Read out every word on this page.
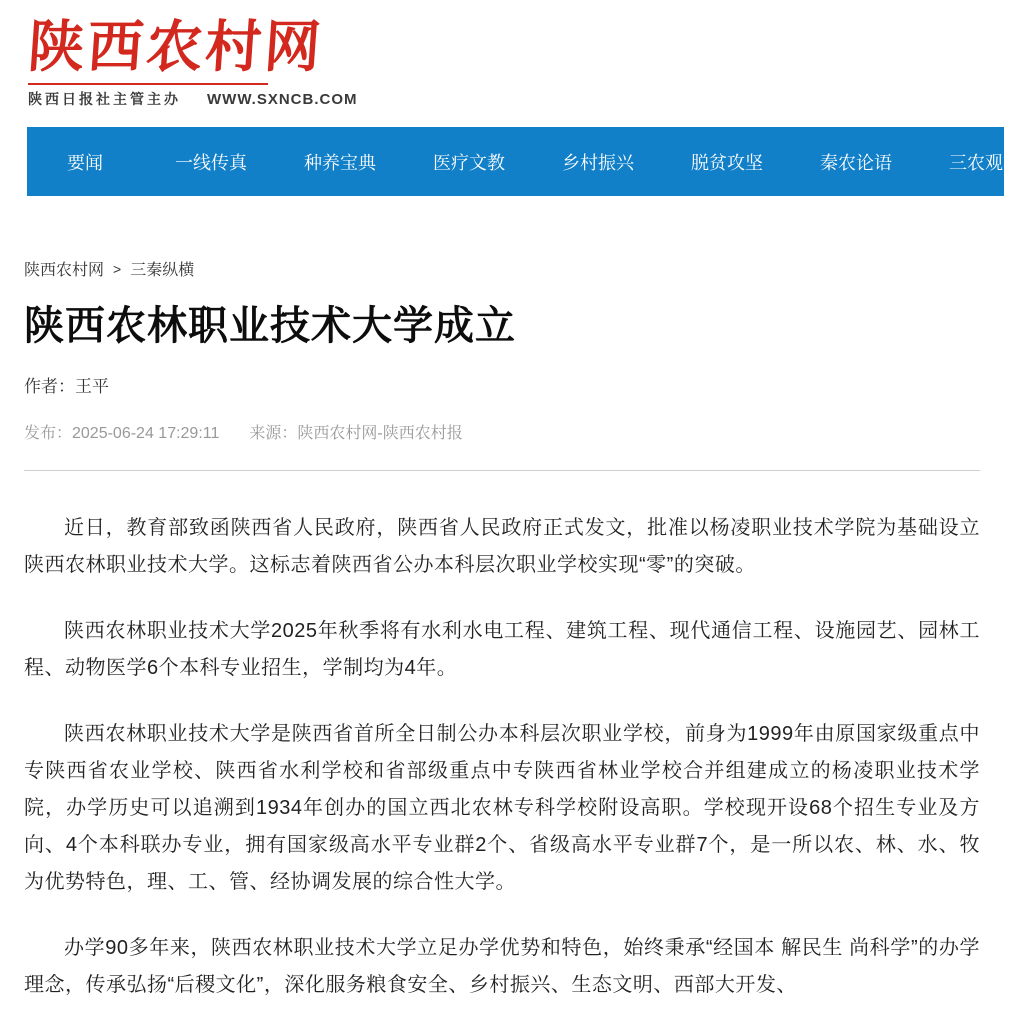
陕西农村网
陕西日报社主管主办 WWW.SXNCB.COM
要闻	一线传真	种养宝典	医疗文教	乡村振兴	脱贫攻坚	秦农论语	三农观察
陕西农村网 > 三秦纵横
陕西农林职业技术大学成立
作者：王平
发布：2025-06-24 17:29:11 来源：陕西农村网-陕西农村报

近日，教育部致函陕西省人民政府，陕西省人民政府正式发文，批准以杨凌职业技术学院为基础设立陕西农林职业技术大学。这标志着陕西省公办本科层次职业学校实现“零”的突破。

陕西农林职业技术大学2025年秋季将有水利水电工程、建筑工程、现代通信工程、设施园艺、园林工程、动物医学6个本科专业招生，学制均为4年。

陕西农林职业技术大学是陕西省首所全日制公办本科层次职业学校，前身为1999年由原国家级重点中专陕西省农业学校、陕西省水利学校和省部级重点中专陕西省林业学校合并组建成立的杨凌职业技术学院，办学历史可以追溯到1934年创办的国立西北农林专科学校附设高职。学校现开设68个招生专业及方向、4个本科联办专业，拥有国家级高水平专业群2个、省级高水平专业群7个，是一所以农、林、水、牧为优势特色，理、工、管、经协调发展的综合性大学。

办学90多年来，陕西农林职业技术大学立足办学优势和特色，始终秉承“经国本 解民生 尚科学”的办学理念，传承弘扬“后稷文化”，深化服务粮食安全、乡村振兴、生态文明、西部大开发、
